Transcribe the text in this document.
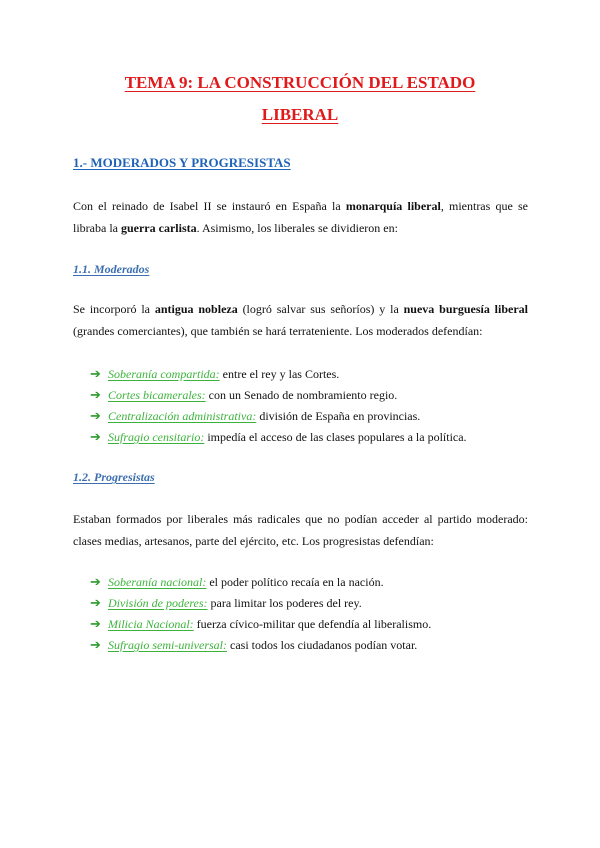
TEMA 9: LA CONSTRUCCIÓN DEL ESTADO
LIBERAL
1.- MODERADOS Y PROGRESISTAS

Con el reinado de Isabel II se instauró en España la monarquía liberal, mientras que se libraba la guerra carlista. Asimismo, los liberales se dividieron en:

1.1. Moderados

Se incorporó la antigua nobleza (logró salvar sus señoríos) y la nueva burguesía liberal (grandes comerciantes), que también se hará terrateniente. Los moderados defendían:

➔ Soberanía compartida: entre el rey y las Cortes.
➔ Cortes bicamerales: con un Senado de nombramiento regio.
➔ Centralización administrativa: división de España en provincias.
➔ Sufragio censitario: impedía el acceso de las clases populares a la política.
1.2. Progresistas

Estaban formados por liberales más radicales que no podían acceder al partido moderado: clases medias, artesanos, parte del ejército, etc. Los progresistas defendían:

➔ Soberanía nacional: el poder político recaía en la nación.
➔ División de poderes: para limitar los poderes del rey.
➔ Milicia Nacional: fuerza cívico-militar que defendía al liberalismo.
➔ Sufragio semi-universal: casi todos los ciudadanos podían votar.
